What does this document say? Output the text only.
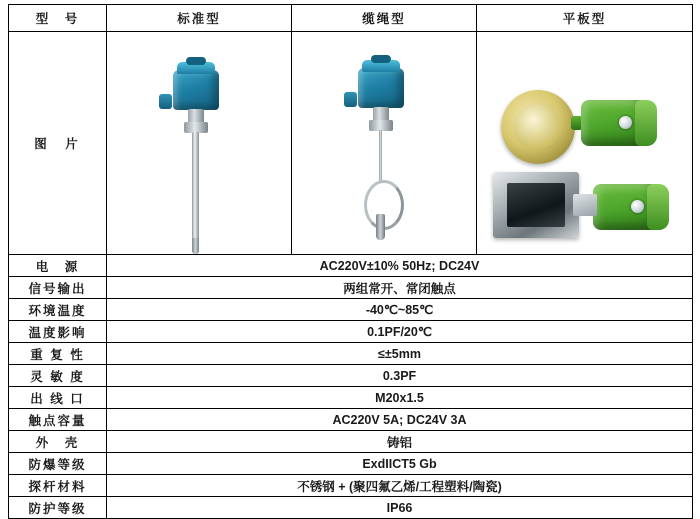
型　号	标准型	缆绳型	平板型
图　片	

电　源	AC220V±10% 50Hz; DC24V		
信号输出	两组常开、常闭触点		
环境温度	-40℃~85℃		
温度影响	0.1PF/20℃		
重 复 性	≤±5mm		
灵 敏 度	0.3PF		
出 线 口	M20x1.5		
触点容量	AC220V 5A; DC24V 3A		
外　壳	铸铝		
防爆等级	ExdIICT5 Gb		
探杆材料	不锈钢 + (聚四氟乙烯/工程塑料/陶瓷)		
防护等级	IP66		
